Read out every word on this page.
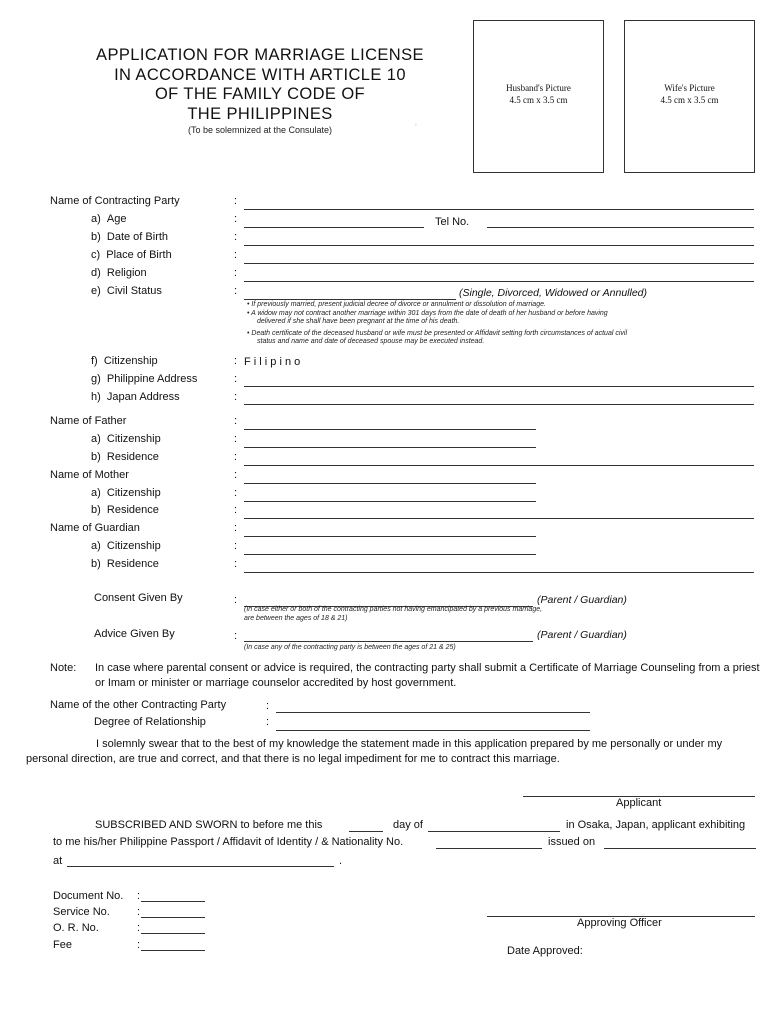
APPLICATION FOR MARRIAGE LICENSE
IN ACCORDANCE WITH ARTICLE 10
OF THE FAMILY CODE OF
THE PHILIPPINES
(To be solemnized at the Consulate)	‘
Husband's Picture
4.5 cm x 3.5 cm
Wife's Picture
4.5 cm x 3.5 cm
Name of Contracting Party	:
a)  Age	:	Tel No.
b)  Date of Birth	:
c)  Place of Birth	:
d)  Religion	:
e)  Civil Status	:	(Single, Divorced, Widowed or Annulled)
• If previously married, present judicial decree of divorce or annulment or dissolution of marriage.
• A widow may not contract another marriage within 301 days from the date of death of her husband or before having
delivered if she shall have been pregnant at the time of his death.
• Death certificate of the deceased husband or wife must be presented or Affidavit setting forth circumstances of actual civil
status and name and date of deceased spouse may be executed instead.
f)  Citizenship	: F i l i p i n o
g)  Philippine Address	:
h)  Japan Address	:
Name of Father	:
a)  Citizenship	:
b)  Residence	:
Name of Mother	:
a)  Citizenship	:
b)  Residence	:
Name of Guardian	:
a)  Citizenship	:
b)  Residence	:
Consent Given By	:	(Parent / Guardian)
(In case either or both of the contracting parties not having emancipated by a previous marriage,
are between the ages of 18 & 21)
Advice Given By	:	(Parent / Guardian)
(In case any of the contracting party is between the ages of 21 & 25)
Note: In case where parental consent or advice is required, the contracting party shall submit a Certificate of Marriage Counseling from a priest or Imam or minister or marriage counselor accredited by host government.
Name of the other Contracting Party	:
Degree of Relationship	:
I solemnly swear that to the best of my knowledge the statement made in this application prepared by me personally or under my personal direction, are true and correct, and that there is no legal impediment for me to contract this marriage.
Applicant
SUBSCRIBED AND SWORN to before me this	day of	in Osaka, Japan, applicant exhibiting
to me his/her Philippine Passport / Affidavit of Identity / & Nationality No.	issued on
at	.
Document No. :
Service No. :
O. R. No.	:
Fee	:
Approving Officer
Date Approved:
